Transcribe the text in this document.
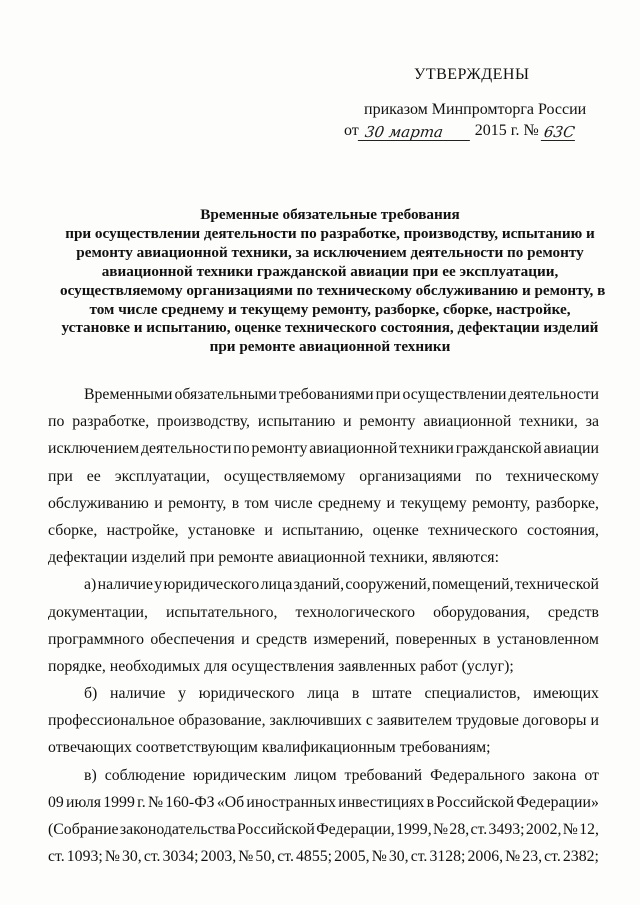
УТВЕРЖДЕНЫ
приказом Минпромторга России
от 30 марта	2015 г. № 63С
Временные обязательные требования
при осуществлении деятельности по разработке, производству, испытанию и
ремонту авиационной техники, за исключением деятельности по ремонту
авиационной техники гражданской авиации при ее эксплуатации,
осуществляемому организациями по техническому обслуживанию и ремонту, в
том числе среднему и текущему ремонту, разборке, сборке, настройке,
установке и испытанию, оценке технического состояния, дефектации изделий
при ремонте авиационной техники
Временными обязательными требованиями при осуществлении деятельности
по разработке, производству, испытанию и ремонту авиационной техники, за
исключением деятельности по ремонту авиационной техники гражданской авиации
при ее эксплуатации, осуществляемому организациями по техническому
обслуживанию и ремонту, в том числе среднему и текущему ремонту, разборке,
сборке, настройке, установке и испытанию, оценке технического состояния,
дефектации изделий при ремонте авиационной техники, являются:
а) наличие у юридического лица зданий, сооружений, помещений, технической
документации, испытательного, технологического оборудования, средств
программного обеспечения и средств измерений, поверенных в установленном
порядке, необходимых для осуществления заявленных работ (услуг);
б) наличие у юридического лица в штате специалистов, имеющих
профессиональное образование, заключивших с заявителем трудовые договоры и
отвечающих соответствующим квалификационным требованиям;
в) соблюдение юридическим лицом требований Федерального закона от
09 июля 1999 г. № 160-ФЗ «Об иностранных инвестициях в Российской Федерации»
(Собрание законодательства Российской Федерации, 1999, № 28, ст. 3493; 2002, № 12,
ст. 1093; № 30, ст. 3034; 2003, № 50, ст. 4855; 2005, № 30, ст. 3128; 2006, № 23, ст. 2382;
